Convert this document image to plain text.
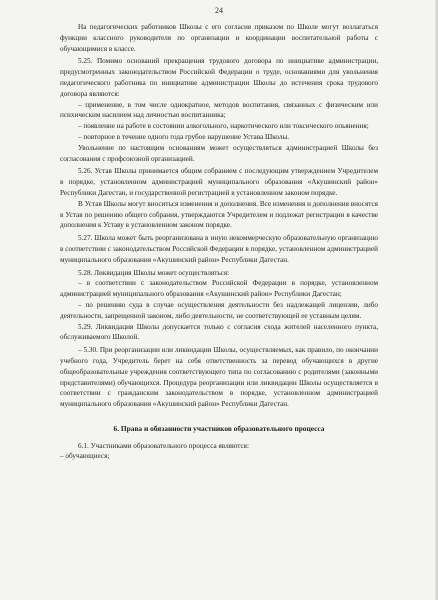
24

На педагогических работников Школы с его согласия приказом по Школе могут возлагаться функции классного руководителя по организации и координации воспитательной работы с обучающимися в классе.

5.25. Помимо оснований прекращения трудового договора по инициативе администрации, предусмотренных законодательством Российской Федерации о труде, основаниями для увольнения педагогического работника по инициативе администрации Школы до истечения срока трудового договора являются:

– применение, в том числе однократное, методов воспитания, связанных с физическим или психическим насилием над личностью воспитанника;

– появление на работе в состоянии алкогольного, наркотического или токсического опьянения;

– повторное в течение одного года грубое нарушение Устава Школы.

Увольнение по настоящим основаниям может осуществляться администрацией Школы без согласования с профсоюзной организацией.

5.26. Устав Школы принимается общим собранием с последующим утверждением Учредителем в порядке, установленном администрацией муниципального образования «Акушинский район» Республики Дагестан, и государственной регистрацией в установленном законом порядке.

В Устав Школы могут вноситься изменения и дополнения. Все изменения и дополнения вносятся в Устав по решению общего собрания, утверждаются Учредителем и подлежат регистрации в качестве дополнения к Уставу в установленном законом порядке.

5.27. Школа может быть реорганизована в иную некоммерческую образовательную организацию в соответствии с законодательством Российской Федерации в порядке, установленном администрацией муниципального образования «Акушинский район» Республики Дагестан.

5.28. Ликвидация Школы может осуществляться:

– в соответствии с законодательством Российской Федерации в порядке, установленном администрацией муниципального образования «Акушинский район» Республики Дагестан;

– по решению суда в случае осуществления деятельности без надлежащей лицензии, либо деятельности, запрещенной законом, либо деятельности, не соответствующей ее уставным целям.

5.29. Ликвидация Школы допускается только с согласия схода жителей населенного пункта, обслуживаемого Школой.

– 5.30. При реорганизации или ликвидации Школы, осуществляемых, как правило, по окончании учебного года, Учредитель берет на себя ответственность за перевод обучающихся в другие общеобразовательные учреждения соответствующего типа по согласованию с родителями (законными представителями) обучающихся. Процедура реорганизации или ликвидации Школы осуществляется в соответствии с гражданским законодательством в порядке, установленном администрацией муниципального образования «Акушинский район» Республики Дагестан.

6. Права и обязанности участников образовательного процесса

6.1. Участниками образовательного процесса являются:

– обучающиеся;
